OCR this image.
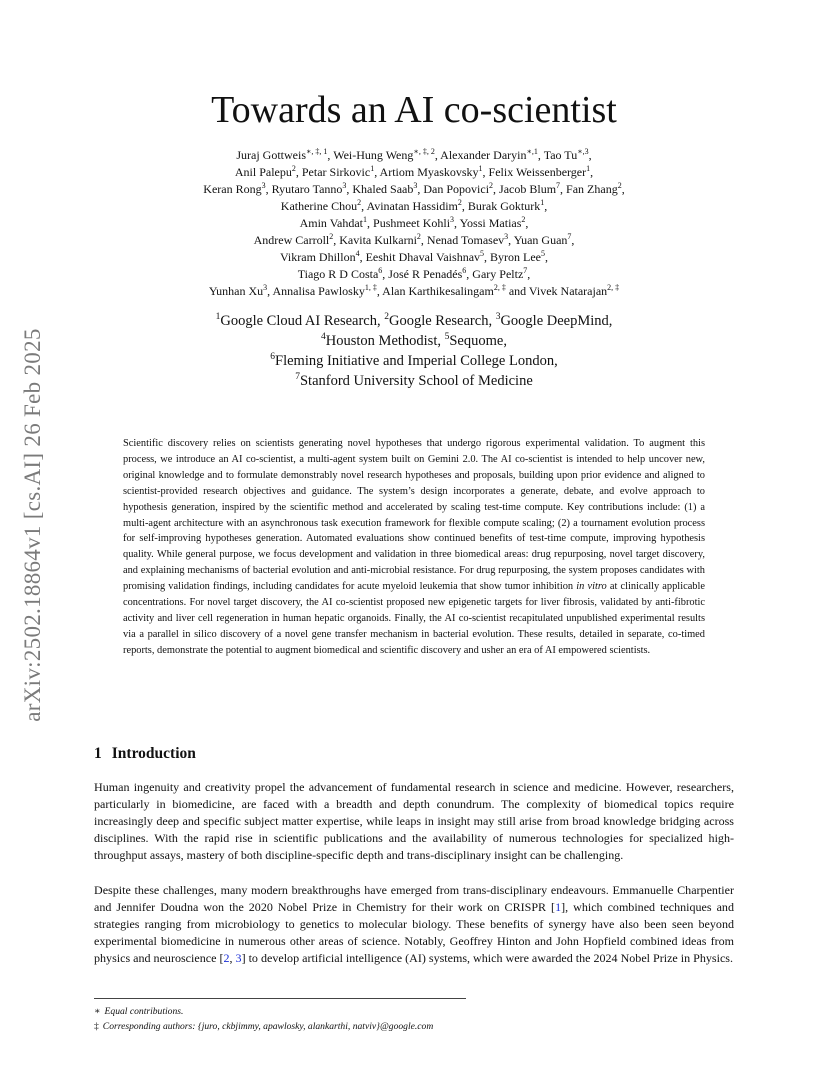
arXiv:2502.18864v1 [cs.AI] 26 Feb 2025
Towards an AI co-scientist
Juraj Gottweis$^{∗, \ddagger, 1}$, Wei-Hung Weng$^{∗, \ddagger, 2}$, Alexander Daryin$^{∗,1}$, Tao $Tu^{∗,3}$,
Anil Palepu$^2$, Petar Sirkovic$^1$, Artiom Myaskovsky$^1$, Felix Weissenberger$^1$,
Keran Rong$^3$, Ryutaro Tanno$^3$, Khaled Saab$^3$, Dan Popovici$^2$, Jacob Blum$^7$, Fan Zhang$^2$,
Katherine Chou$^2$, Avinatan Hassidim$^2$, Burak Gokturk$^1$,
Amin Vahdat$^1$, Pushmeet Kohli$^3$, Yossi Matias$^2$,
Andrew Carroll$^2$, Kavita Kulkarni$^2$, Nenad Tomasev$^3$, Yuan Guan$^7$,
Vikram Dhillon$^4$, Eeshit Dhaval Vaishnav$^5$, Byron Lee$^5$,
Tiago R D Costa$^6$, José R Penadés$^6$, Gary Peltz$^7$,
Yunhan Xu$^3$, Annalisa Pawlosky$^{1, \ddagger}$, Alan Karthikesalingam$^{2, \ddagger}$ and Vivek Natarajan$^{2, \ddagger}$
$^1$Google Cloud AI Research, $^2$Google Research, $^3$Google DeepMind,
$^4$Houston Methodist, $^5$Sequome,
$^6$Fleming Initiative and Imperial College London,
$^7$Stanford University School of Medicine

Scientific discovery relies on scientists generating novel hypotheses that undergo rigorous experimental validation. To augment this process, we introduce an AI co-scientist, a multi-agent system built on Gemini 2.0. The AI co-scientist is intended to help uncover new, original knowledge and to formulate demonstrably novel research hypotheses and proposals, building upon prior evidence and aligned to scientist-provided research objectives and guidance. The system’s design incorporates a generate, debate, and evolve approach to hypothesis generation, inspired by the scientific method and accelerated by scaling test-time compute. Key contributions include: (1) a multi-agent architecture with an asynchronous task execution framework for flexible compute scaling; (2) a tournament evolution process for self-improving hypotheses generation. Automated evaluations show continued benefits of test-time compute, improving hypothesis quality. While general purpose, we focus development and validation in three biomedical areas: drug repurposing, novel target discovery, and explaining mechanisms of bacterial evolution and anti-microbial resistance. For drug repurposing, the system proposes candidates with promising validation findings, including candidates for acute myeloid leukemia that show tumor inhibition in vitro at clinically applicable concentrations. For novel target discovery, the AI co-scientist proposed new epigenetic targets for liver fibrosis, validated by anti-fibrotic activity and liver cell regeneration in human hepatic organoids. Finally, the AI co-scientist recapitulated unpublished experimental results via a parallel in silico discovery of a novel gene transfer mechanism in bacterial evolution. These results, detailed in separate, co-timed reports, demonstrate the potential to augment biomedical and scientific discovery and usher an era of AI empowered scientists.

1 Introduction

Human ingenuity and creativity propel the advancement of fundamental research in science and medicine. However, researchers, particularly in biomedicine, are faced with a breadth and depth conundrum. The complexity of biomedical topics require increasingly deep and specific subject matter expertise, while leaps in insight may still arise from broad knowledge bridging across disciplines. With the rapid rise in scientific publications and the availability of numerous technologies for specialized high-throughput assays, mastery of both discipline-specific depth and trans-disciplinary insight can be challenging.

Despite these challenges, many modern breakthroughs have emerged from trans-disciplinary endeavours. Emmanuelle Charpentier and Jennifer Doudna won the 2020 Nobel Prize in Chemistry for their work on CRISPR [1], which combined techniques and strategies ranging from microbiology to genetics to molecular biology. These benefits of synergy have also been seen beyond experimental biomedicine in numerous other areas of science. Notably, Geoffrey Hinton and John Hopfield combined ideas from physics and neuroscience [2, 3] to develop artificial intelligence (AI) systems, which were awarded the 2024 Nobel Prize in Physics.

∗ Equal contributions.
‡ Corresponding authors: {juro, ckbjimmy, apawlosky, alankarthi, natviv}@google.com
